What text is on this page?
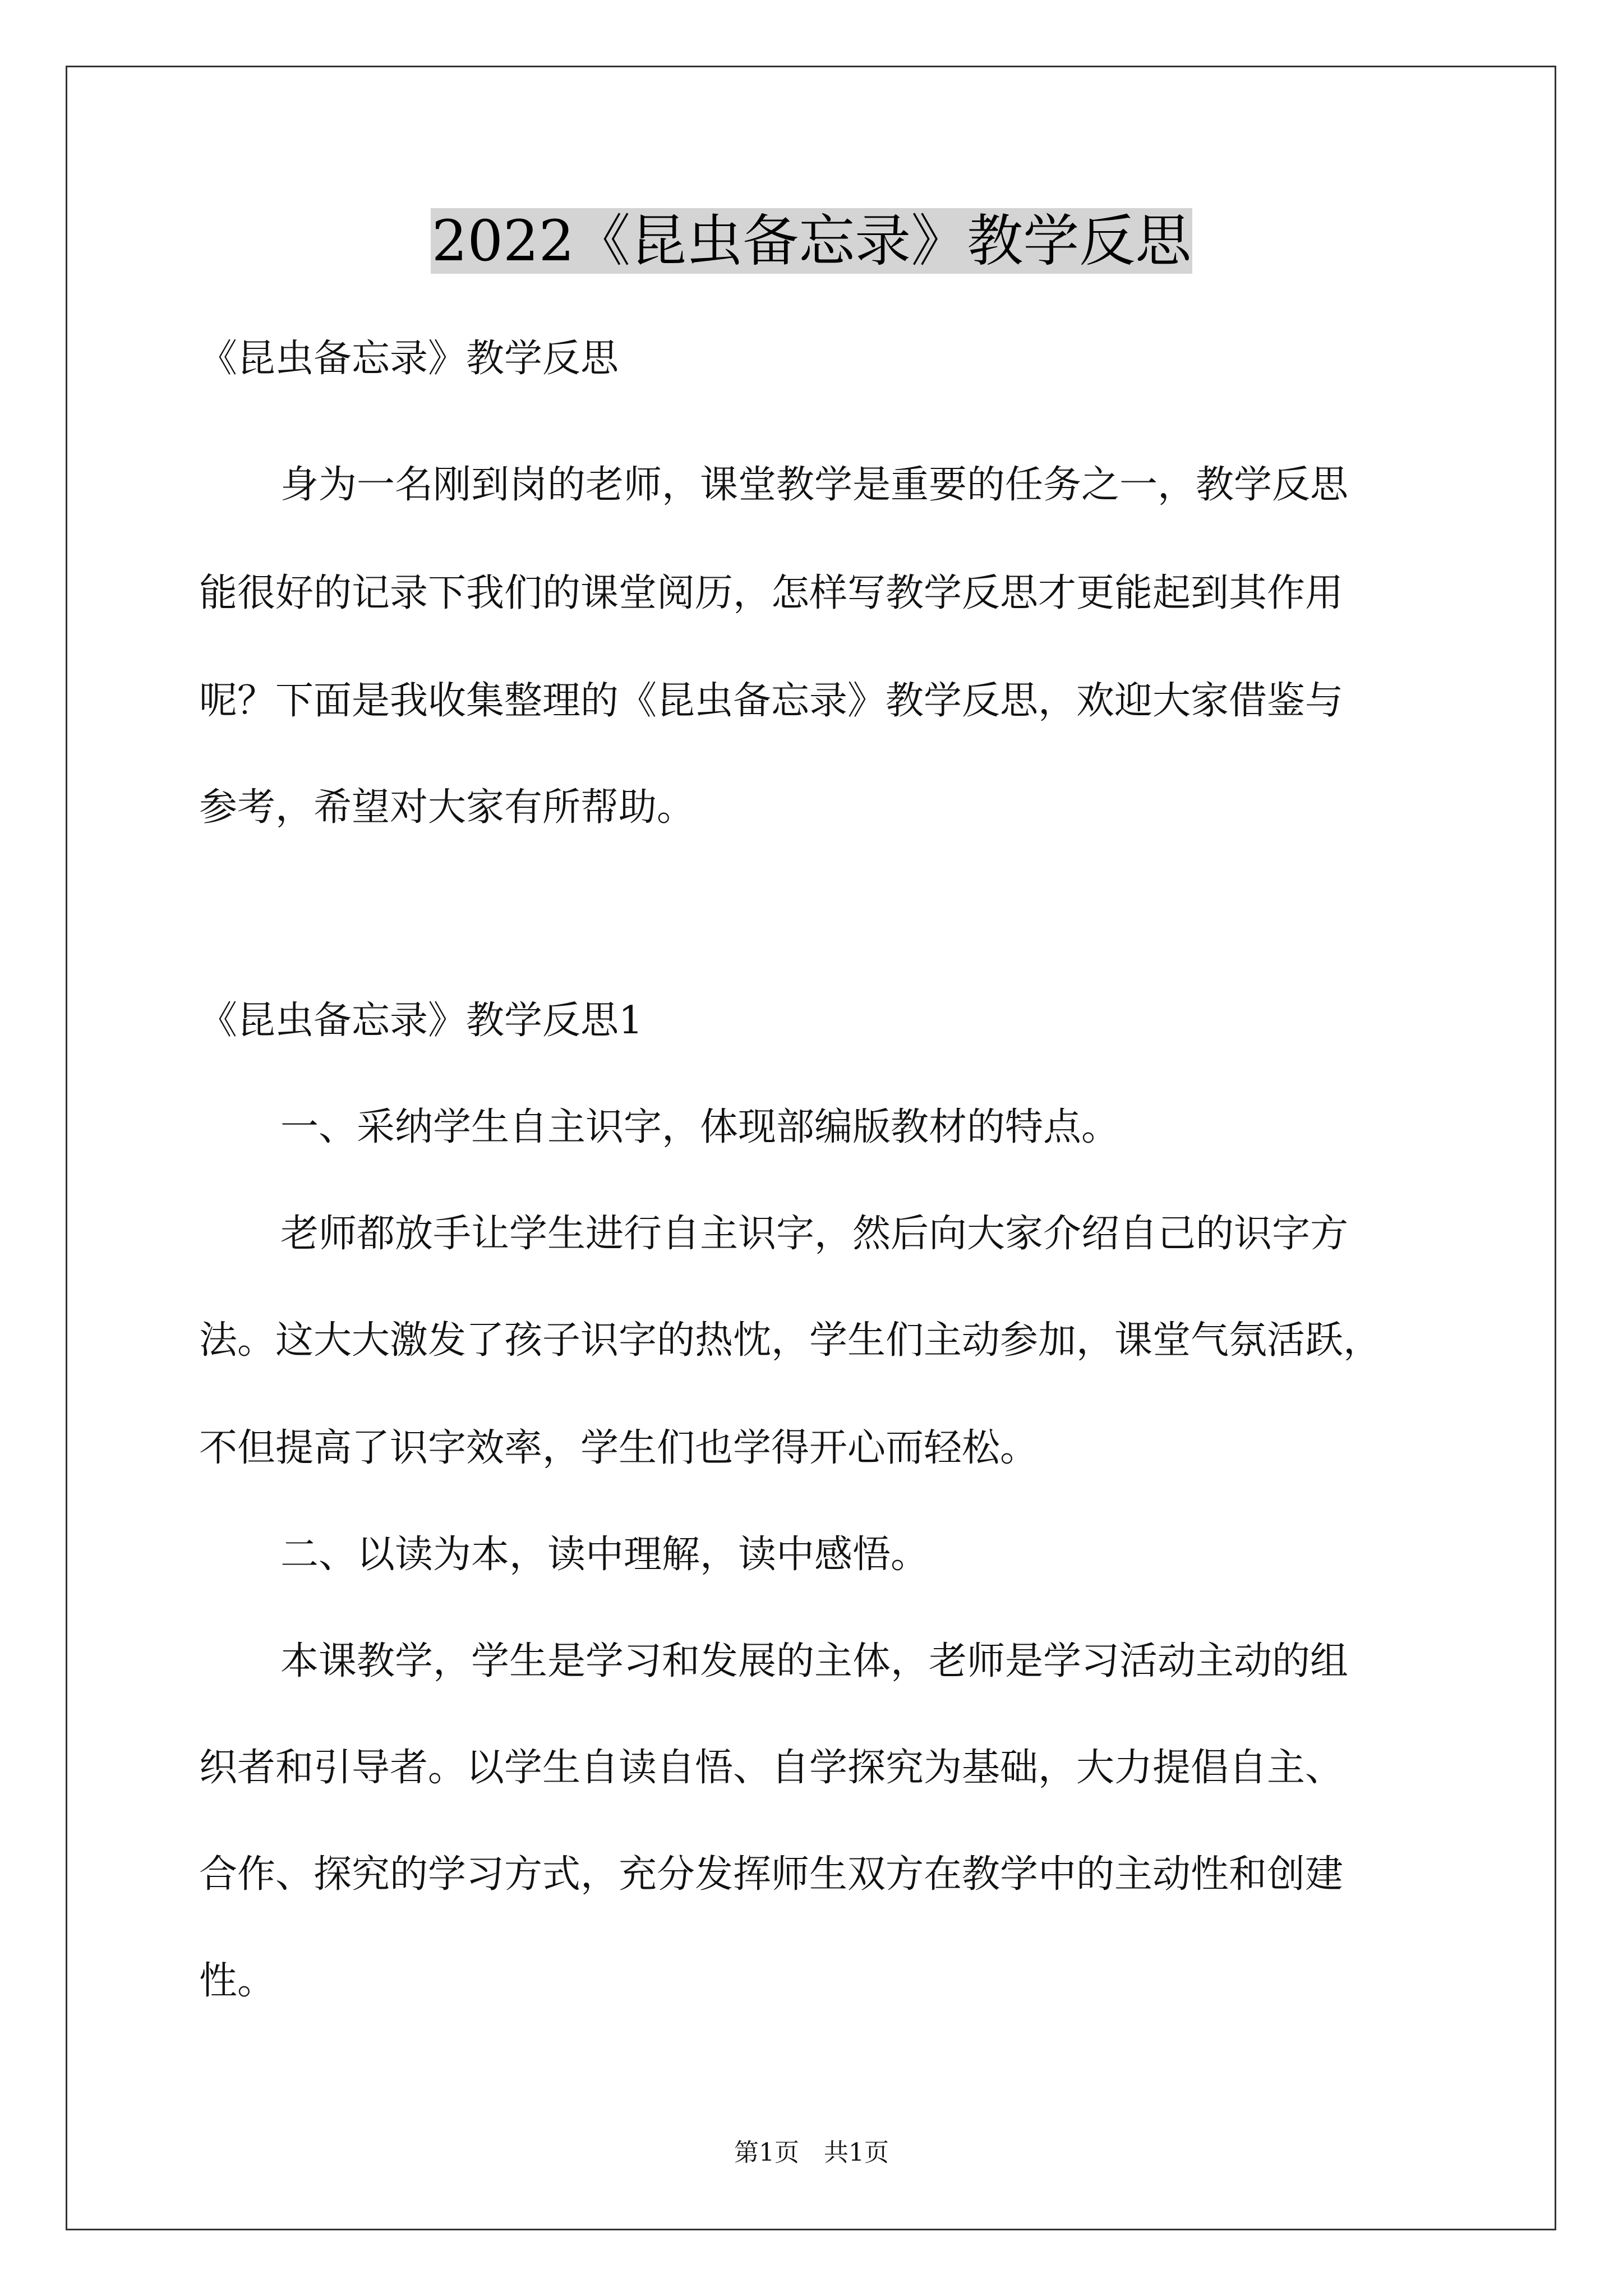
2022《昆虫备忘录》教学反思

《昆虫备忘录》教学反思

身为一名刚到岗的老师，课堂教学是重要的任务之一，教学反思

能很好的记录下我们的课堂阅历，怎样写教学反思才更能起到其作用

呢？下面是我收集整理的《昆虫备忘录》教学反思，欢迎大家借鉴与

参考，希望对大家有所帮助。

《昆虫备忘录》教学反思1

一、采纳学生自主识字，体现部编版教材的特点。

老师都放手让学生进行自主识字，然后向大家介绍自己的识字方

法。这大大激发了孩子识字的热忱，学生们主动参加，课堂气氛活跃，

不但提高了识字效率，学生们也学得开心而轻松。

二、以读为本，读中理解，读中感悟。

本课教学，学生是学习和发展的主体，老师是学习活动主动的组

织者和引导者。以学生自读自悟、自学探究为基础，大力提倡自主、

合作、探究的学习方式，充分发挥师生双方在教学中的主动性和创建

性。

第1页　共1页
